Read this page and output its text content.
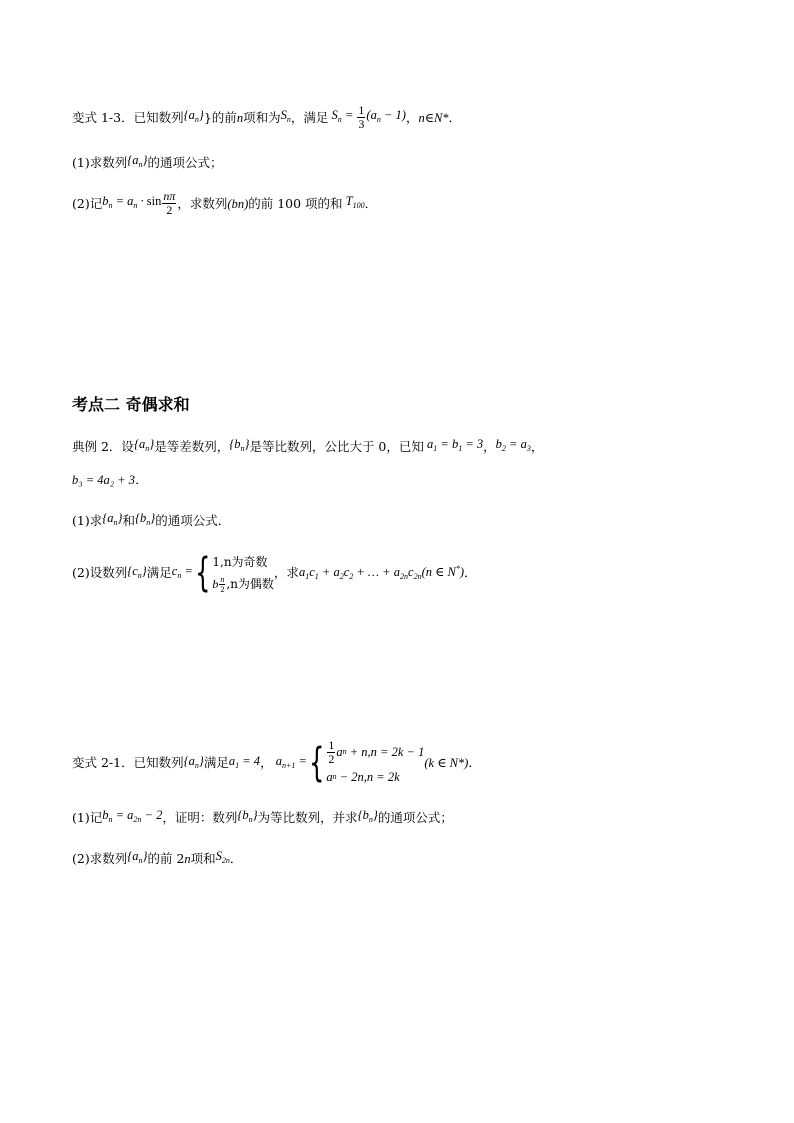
变式 1-3．已知数列 $\{a_n\}$ }的前 n 项和为 $S_n$ ，满足 $S_n = \frac{1}{3} (a_n - 1)$ ， n∈N* ．
(1)求数列 $\{a_n\}$ 的通项公式；
(2)记 $b_n = a_n \cdot \sin \frac{n\pi}{2}$ ，求数列 (bn) 的前 100 项的和 $T_{100}$ ．
考点二 奇偶求和
典例 2．设 $\{a_n\}$ 是等差数列， $\{b_n\}$ 是等比数列，公比大于 0，已知 $a_1 = b_1 = 3$ ， $b_2 = a_3$ ，
b₃ = 4a₂ + 3．
(1)求 $\{a_n\}$ 和 $\{b_n\}$ 的通项公式．
(2)设数列 $\{c_n\}$ 满足 $c_n$ = { 1,n为奇数
b $\frac{n}{2} ,n$为偶数
，求 $a_1c_1 + a_2c_2$ + … + $a_{2n}c_{2n}(n$ ∈ N*) ．
变式 2-1．已知数列 $\{a_n\}$ 满足 $a_1 = 4$ ， $a_{n+1}$ = { $\frac{1}{2}$ a n
+ n,n = 2k − 1
a n
− 2n,n = 2k
(k ∈ N*) ．
(1)记 $b_n = a_{2n} - 2$ ，证明：数列 $\{b_n\}$ 为等比数列，并求 $\{b_n\}$ 的通项公式；
(2)求数列 $\{a_n\}$ 的前 2 n 项和 $S_{2n}$ ．
